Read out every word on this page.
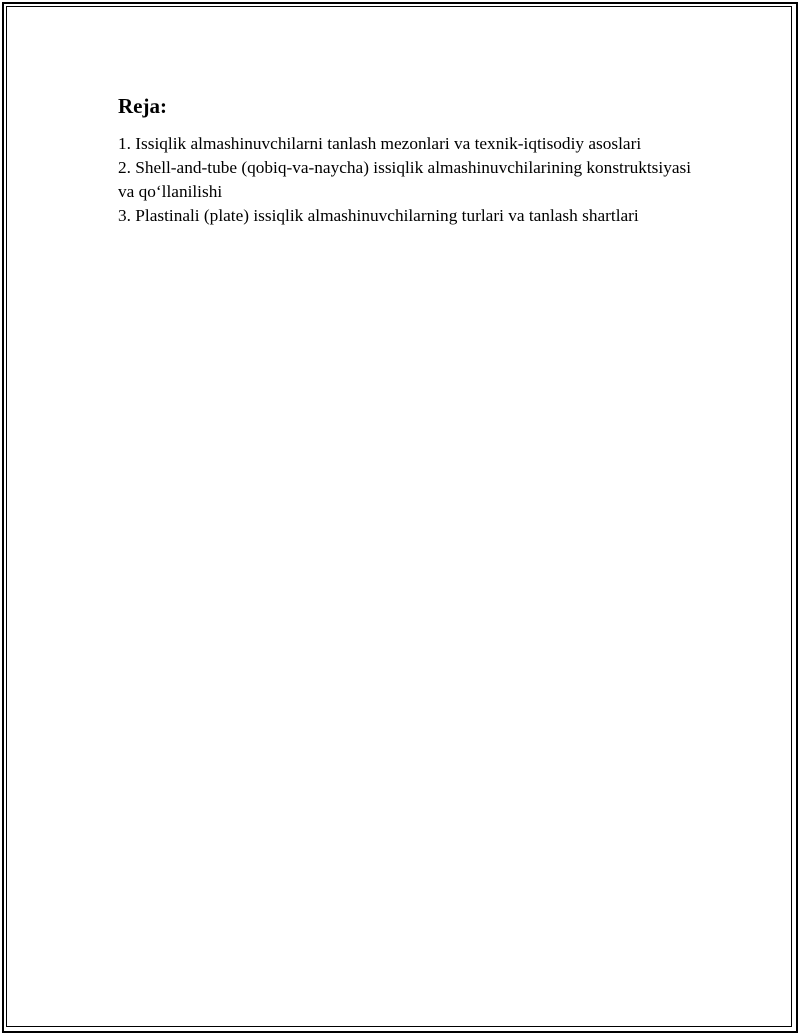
Reja:
1. Issiqlik almashinuvchilarni tanlash mezonlari va texnik-iqtisodiy asoslari
2. Shell-and-tube (qobiq-va-naycha) issiqlik almashinuvchilarining konstruktsiyasi va qo‘llanilishi
3. Plastinali (plate) issiqlik almashinuvchilarning turlari va tanlash shartlari
